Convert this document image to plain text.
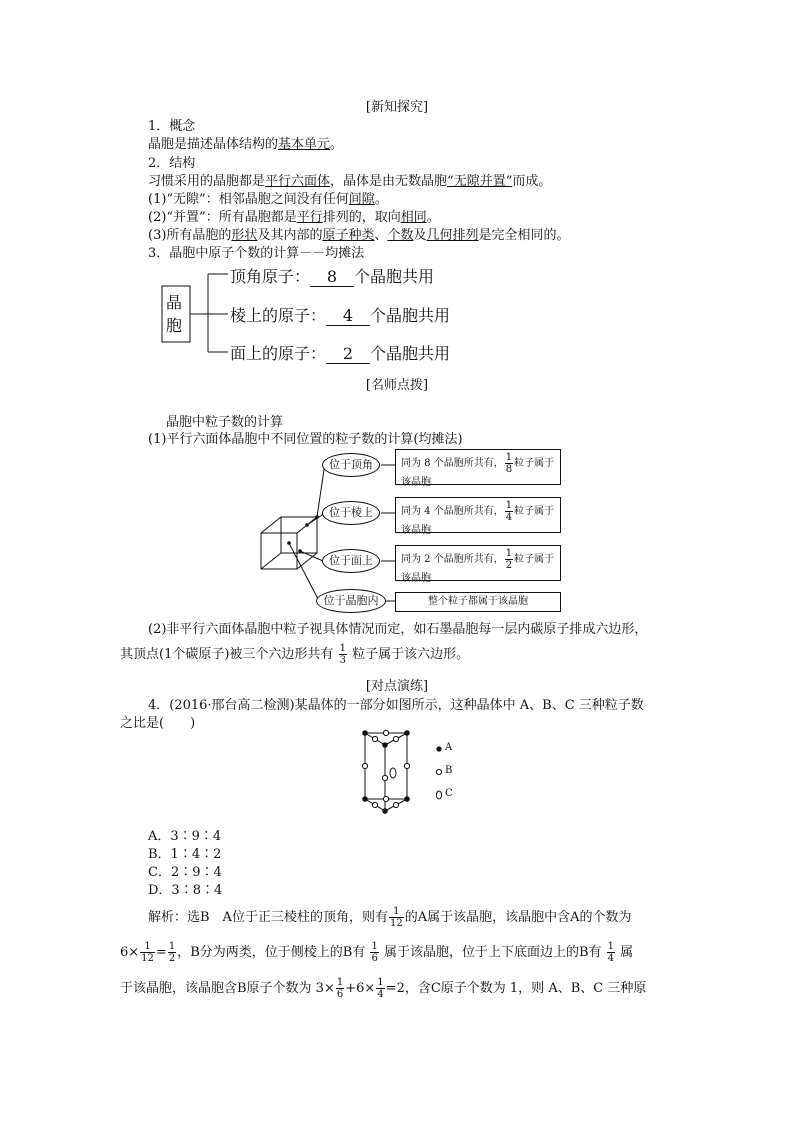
[新知探究]
1．概念
晶胞是描述晶体结构的基本单元。
2．结构
习惯采用的晶胞都是平行六面体，晶体是由无数晶胞“无隙并置”而成。
(1)“无隙”：相邻晶胞之间没有任何间隙。
(2)“并置”：所有晶胞都是平行排列的，取向相同。
(3)所有晶胞的形状及其内部的原子种类、个数及几何排列是完全相同的。
3．晶胞中原子个数的计算－－均摊法
晶
胞
顶角原子： 8 个晶胞共用
棱上的原子： 4 个晶胞共用
面上的原子： 2 个晶胞共用
[名师点拨]
晶胞中粒子数的计算
(1)平行六面体晶胞中不同位置的粒子数的计算(均摊法)
位于顶角
位于棱上
位于面上
位于晶胞内
同为 8 个晶胞所共有， $\frac{1}{8}$ 粒子属于
该晶胞
同为 4 个晶胞所共有， $\frac{1}{4}$ 粒子属于
该晶胞
同为 2 个晶胞所共有， $\frac{1}{2}$ 粒子属于
该晶胞
整个粒子都属于该晶胞
(2)非平行六面体晶胞中粒子视具体情况而定，如石墨晶胞每一层内碳原子排成六边形，
其顶点(1个碳原子)被三个六边形共有 $\frac{1}{3}$ 粒子属于该六边形。
[对点演练]
4．(2016·邢台高二检测)某晶体的一部分如图所示，这种晶体中 A、B、C 三种粒子数
之比是(　　)
A
B
C
A．3∶9∶4
B．1∶4∶2
C．2∶9∶4
D．3∶8∶4
解析：选B　A位于正三棱柱的顶角，则有 $\frac{1}{12}$ 的A属于该晶胞，该晶胞中含A的个数为
$6\times \frac{1}{12} = \frac{1}{2}$ ，B分为两类，位于侧棱上的B有 $\frac{1}{6}$ 属于该晶胞，位于上下底面边上的B有 $\frac{1}{4}$ 属
于该晶胞，该晶胞含B原子个数为 $3\times \frac{1}{6} +6\times \frac{1}{4} =2$，含C原子个数为 1，则 A、B、C 三种原
